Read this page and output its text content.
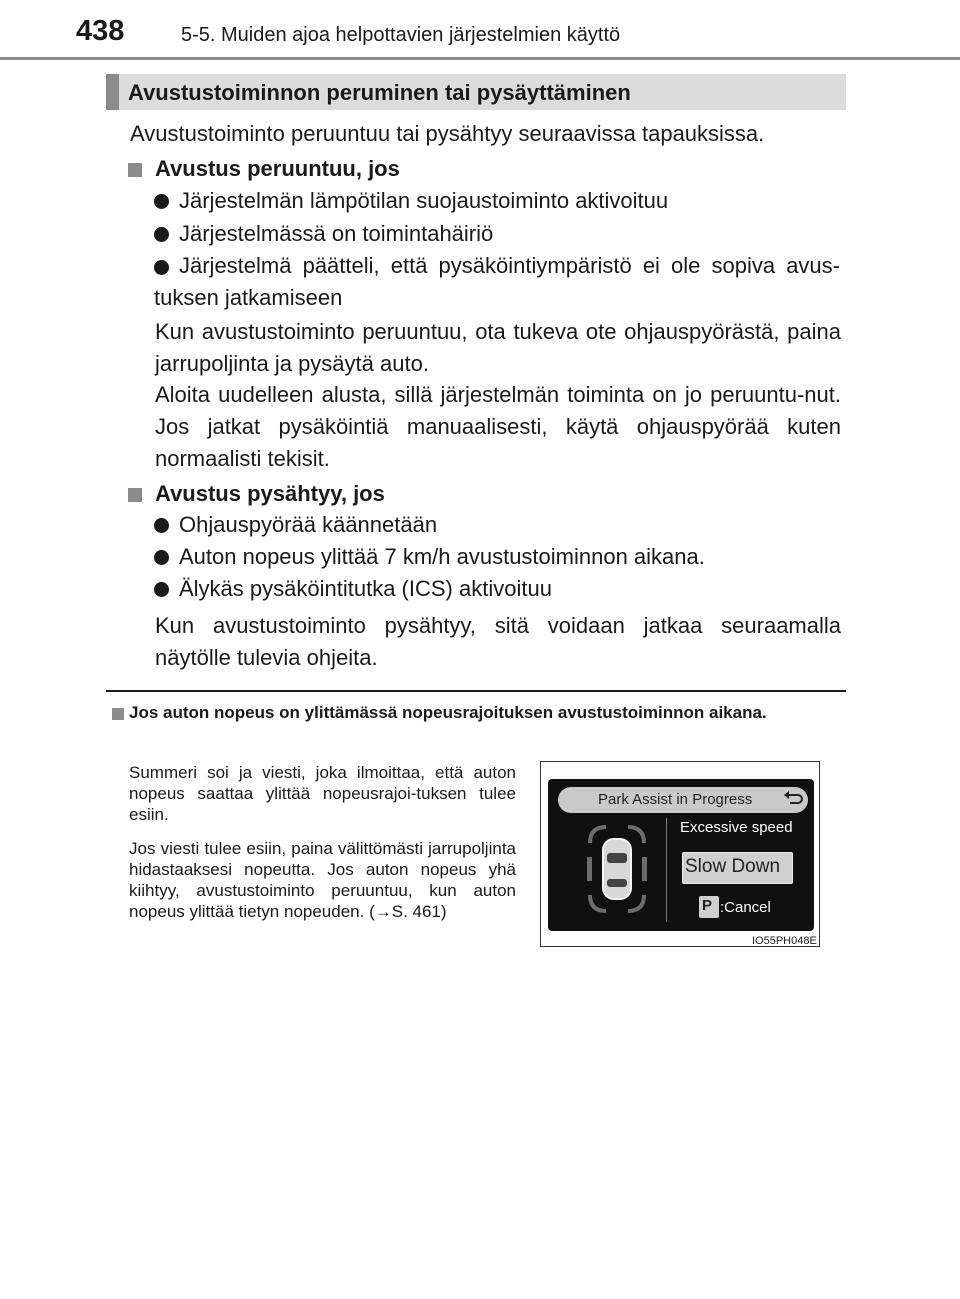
438	5-5. Muiden ajoa helpottavien järjestelmien käyttö
Avustustoiminnon peruminen tai pysäyttäminen
Avustustoiminto peruuntuu tai pysähtyy seuraavissa tapauksissa.
Avustus peruuntuu, jos
Järjestelmän lämpötilan suojaustoiminto aktivoituu
Järjestelmässä on toimintahäiriö
Järjestelmä päätteli, että pysäköintiympäristö ei ole sopiva avus-tuksen jatkamiseen
Kun avustustoiminto peruuntuu, ota tukeva ote ohjauspyörästä, paina jarrupoljinta ja pysäytä auto.
Aloita uudelleen alusta, sillä järjestelmän toiminta on jo peruuntu-nut. Jos jatkat pysäköintiä manuaalisesti, käytä ohjauspyörää kuten normaalisti tekisit.
Avustus pysähtyy, jos
Ohjauspyörää käännetään
Auton nopeus ylittää 7 km/h avustustoiminnon aikana.
Älykäs pysäköintitutka (ICS) aktivoituu
Kun avustustoiminto pysähtyy, sitä voidaan jatkaa seuraamalla näytölle tulevia ohjeita.
Jos auton nopeus on ylittämässä nopeusrajoituksen avustustoiminnon aikana.
Summeri soi ja viesti, joka ilmoittaa, että auton nopeus saattaa ylittää nopeusrajoi-tuksen tulee esiin.
Jos viesti tulee esiin, paina välittömästi jarrupoljinta hidastaaksesi nopeutta. Jos auton nopeus yhä kiihtyy, avustustoiminto peruuntuu, kun auton nopeus ylittää tietyn nopeuden. (→S. 461)
Park Assist in Progress
Excessive speed
Slow Down
P :Cancel
IO55PH048E
